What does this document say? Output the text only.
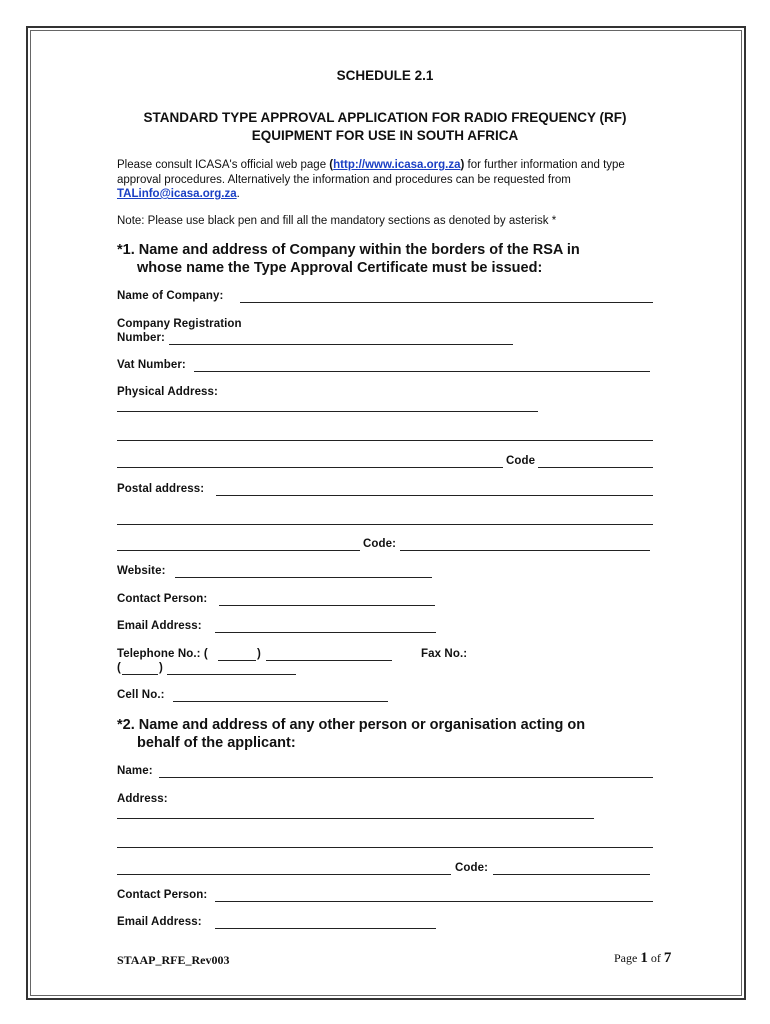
SCHEDULE 2.1
STANDARD TYPE APPROVAL APPLICATION FOR RADIO FREQUENCY (RF) EQUIPMENT FOR USE IN SOUTH AFRICA
Please consult ICASA's official web page (http://www.icasa.org.za) for further information and type approval procedures. Alternatively the information and procedures can be requested from TALinfo@icasa.org.za.
Note: Please use black pen and fill all the mandatory sections as denoted by asterisk *
*1. Name and address of Company within the borders of the RSA in
whose name the Type Approval Certificate must be issued:
Name of Company:
Company Registration
Number:
Vat Number:
Physical Address:
Code
Postal address:
Code:
Website:
Contact Person:
Email Address:
Telephone No.: (	)	Fax No.:
(	)
Cell No.:
*2. Name and address of any other person or organisation acting on
behalf of the applicant:
Name:
Address:
Code:
Contact Person:
Email Address:
STAAP_RFE_Rev003	Page 1 of 7
